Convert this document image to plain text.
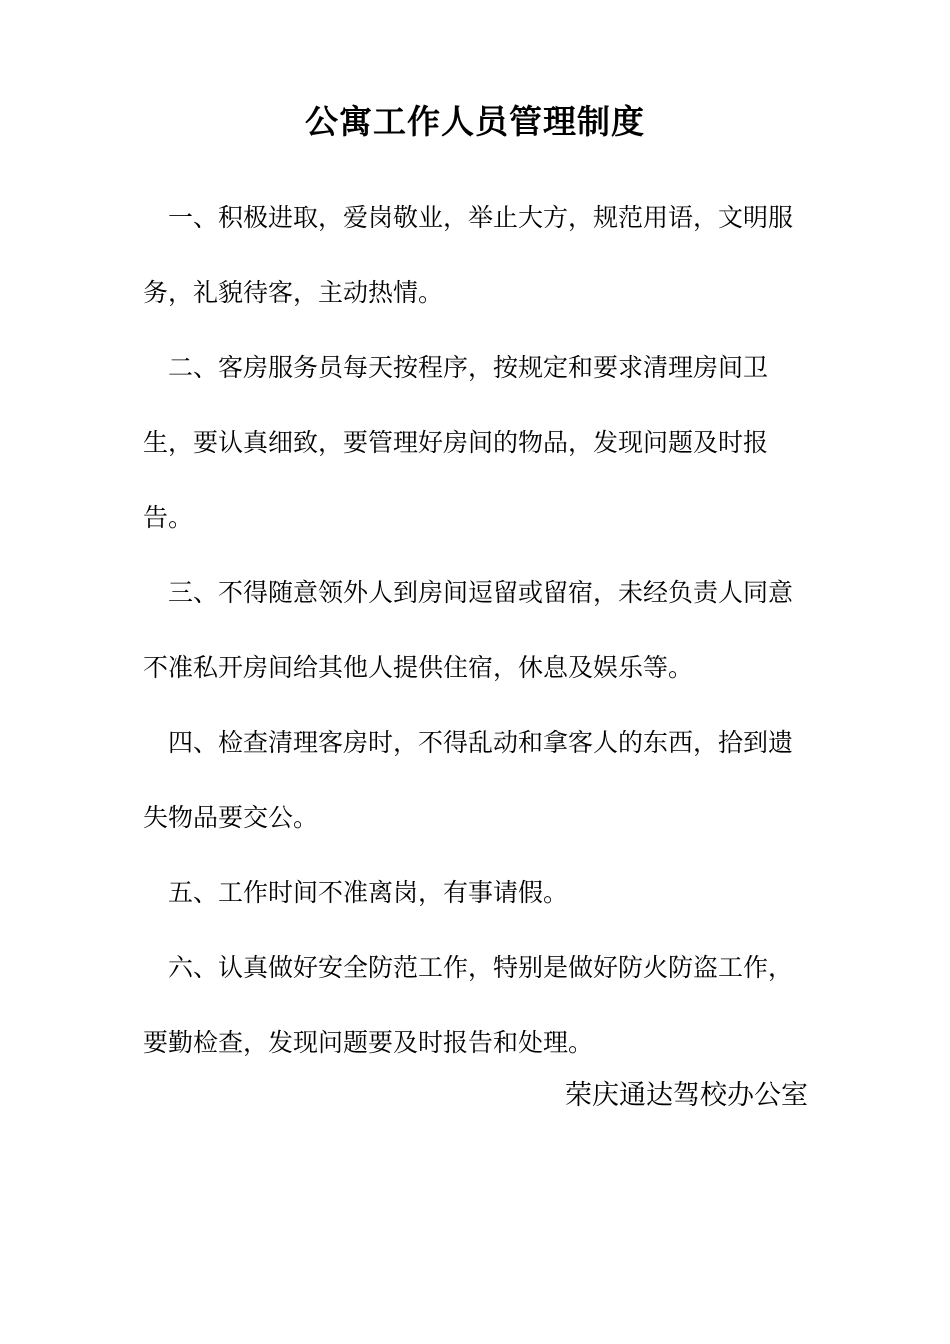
公寓工作人员管理制度

一、积极进取，爱岗敬业，举止大方，规范用语，文明服务，礼貌待客，主动热情。

二、客房服务员每天按程序，按规定和要求清理房间卫生，要认真细致，要管理好房间的物品，发现问题及时报告。

三、不得随意领外人到房间逗留或留宿，未经负责人同意不准私开房间给其他人提供住宿，休息及娱乐等。

四、检查清理客房时，不得乱动和拿客人的东西，拾到遗失物品要交公。

五、工作时间不准离岗，有事请假。

六、认真做好安全防范工作，特别是做好防火防盗工作，要勤检查，发现问题要及时报告和处理。

荣庆通达驾校办公室
